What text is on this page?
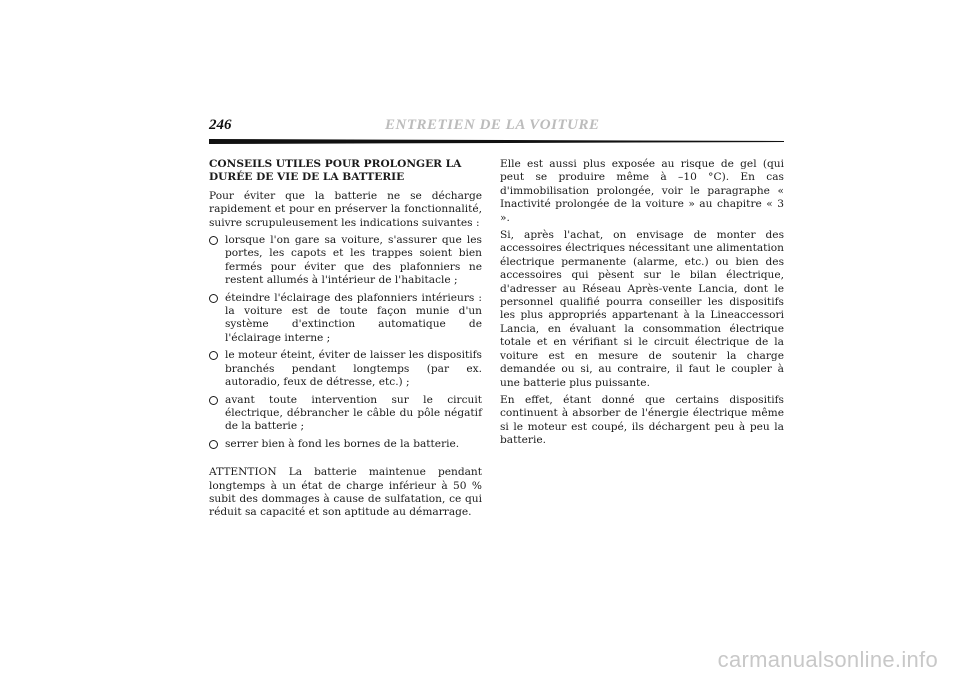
246	ENTRETIEN DE LA VOITURE
CONSEILS UTILES POUR PROLONGER LA DURÉE DE VIE DE LA BATTERIE

Pour éviter que la batterie ne se décharge rapidement et pour en préserver la fonctionnalité, suivre scrupuleusement les indications suivantes :

lorsque l'on gare sa voiture, s'assurer que les portes, les capots et les trappes soient bien fermés pour éviter que des plafonniers ne restent allumés à l'intérieur de l'habitacle ;
éteindre l'éclairage des plafonniers intérieurs : la voiture est de toute façon munie d'un système d'extinction automatique de l'éclairage interne ;
le moteur éteint, éviter de laisser les dispositifs branchés pendant longtemps (par ex. autoradio, feux de détresse, etc.) ;
avant toute intervention sur le circuit électrique, débrancher le câble du pôle négatif de la batterie ;
serrer bien à fond les bornes de la batterie.

ATTENTION La batterie maintenue pendant longtemps à un état de charge inférieur à 50 % subit des dommages à cause de sulfatation, ce qui réduit sa capacité et son aptitude au démarrage.

Elle est aussi plus exposée au risque de gel (qui peut se produire même à –10 °C). En cas d'immobilisation prolongée, voir le paragraphe « Inactivité prolongée de la voiture » au chapitre « 3 ».

Si, après l'achat, on envisage de monter des accessoires électriques nécessitant une alimentation électrique permanente (alarme, etc.) ou bien des accessoires qui pèsent sur le bilan électrique, d'adresser au Réseau Après-vente Lancia, dont le personnel qualifié pourra conseiller les dispositifs les plus appropriés appartenant à la Lineaccessori Lancia, en évaluant la consommation électrique totale et en vérifiant si le circuit électrique de la voiture est en mesure de soutenir la charge demandée ou si, au contraire, il faut le coupler à une batterie plus puissante.

En effet, étant donné que certains dispositifs continuent à absorber de l'énergie électrique même si le moteur est coupé, ils déchargent peu à peu la batterie.

carmanualsonline.info
